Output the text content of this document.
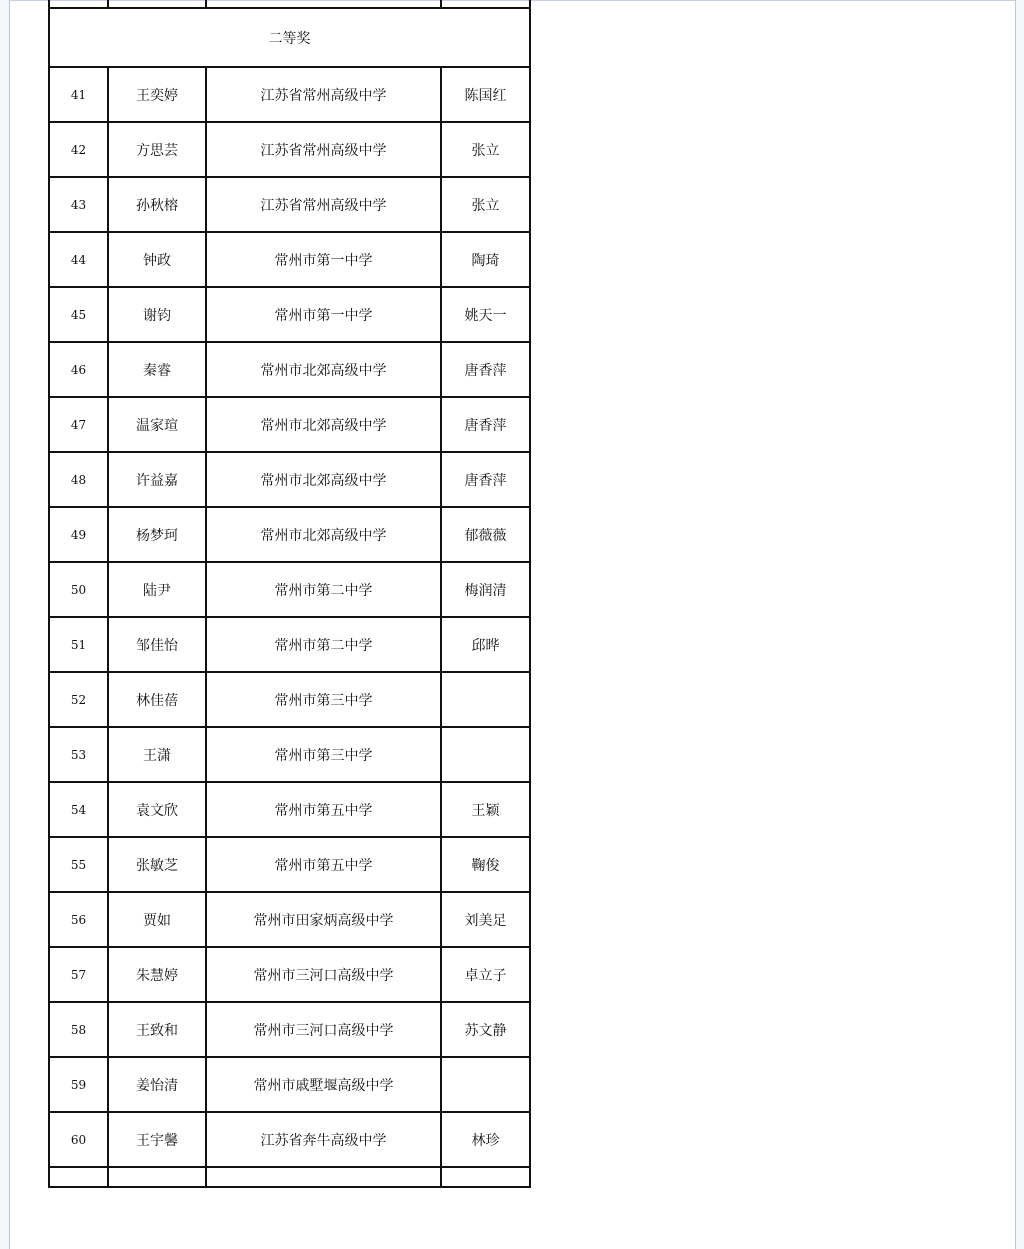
二等奖			
41	王奕婷	江苏省常州高级中学	陈国红
42	方思芸	江苏省常州高级中学	张立
43	孙秋榕	江苏省常州高级中学	张立
44	钟政	常州市第一中学	陶琦
45	谢钧	常州市第一中学	姚天一
46	秦睿	常州市北郊高级中学	唐香萍
47	温家瑄	常州市北郊高级中学	唐香萍
48	许益嘉	常州市北郊高级中学	唐香萍
49	杨梦珂	常州市北郊高级中学	郁薇薇
50	陆尹	常州市第二中学	梅润清
51	邹佳怡	常州市第二中学	邱晔
52	林佳蓓	常州市第三中学	
53	王潇	常州市第三中学	
54	袁文欣	常州市第五中学	王颖
55	张敏芝	常州市第五中学	鞠俊
56	贾如	常州市田家炳高级中学	刘美足
57	朱慧婷	常州市三河口高级中学	卓立子
58	王致和	常州市三河口高级中学	苏文静
59	姜怡清	常州市戚墅堰高级中学	
60	王宇馨	江苏省奔牛高级中学	林珍
